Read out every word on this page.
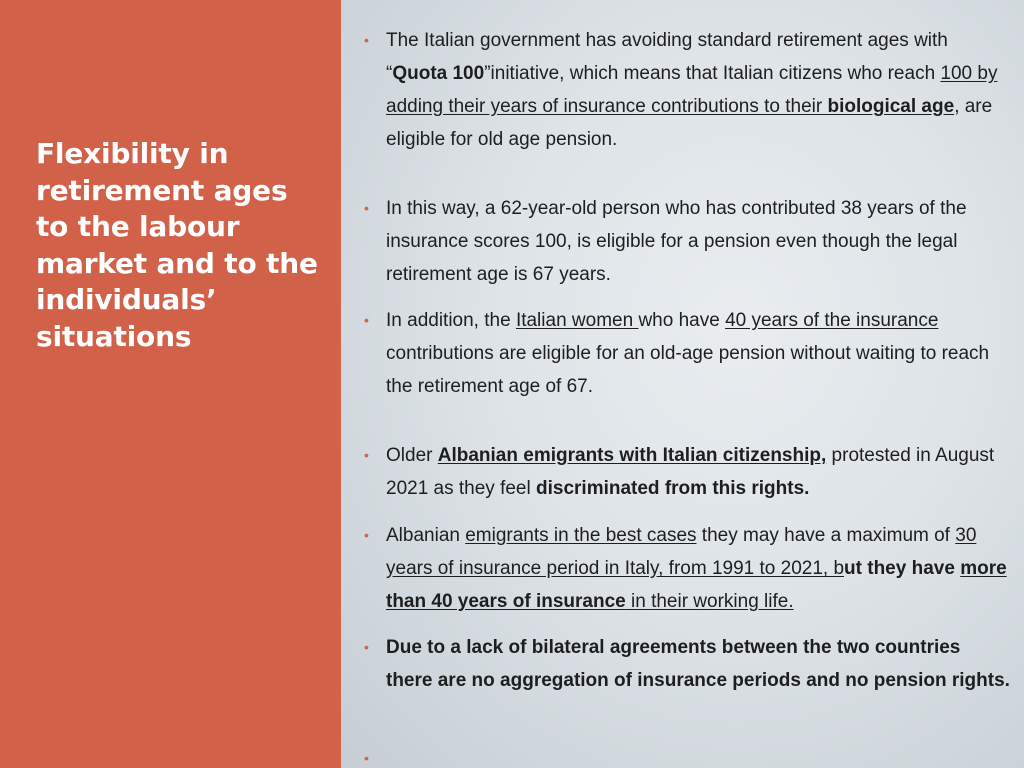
Flexibility in retirement ages to the labour market and to the individuals’ situations
• The Italian government has avoiding standard retirement ages with “Quota 100”initiative, which means that Italian citizens who reach 100 by adding their years of insurance contributions to their biological age, are eligible for old age pension.
• In this way, a 62-year-old person who has contributed 38 years of the insurance scores 100, is eligible for a pension even though the legal retirement age is 67 years.
• In addition, the Italian women who have 40 years of the insurance contributions are eligible for an old-age pension without waiting to reach the retirement age of 67.
• Older Albanian emigrants with Italian citizenship, protested in August 2021 as they feel discriminated from this rights.
• Albanian emigrants in the best cases they may have a maximum of 30 years of insurance period in Italy, from 1991 to 2021, but they have more than 40 years of insurance in their working life.
• Due to a lack of bilateral agreements between the two countries there are no aggregation of insurance periods and no pension rights.
•
